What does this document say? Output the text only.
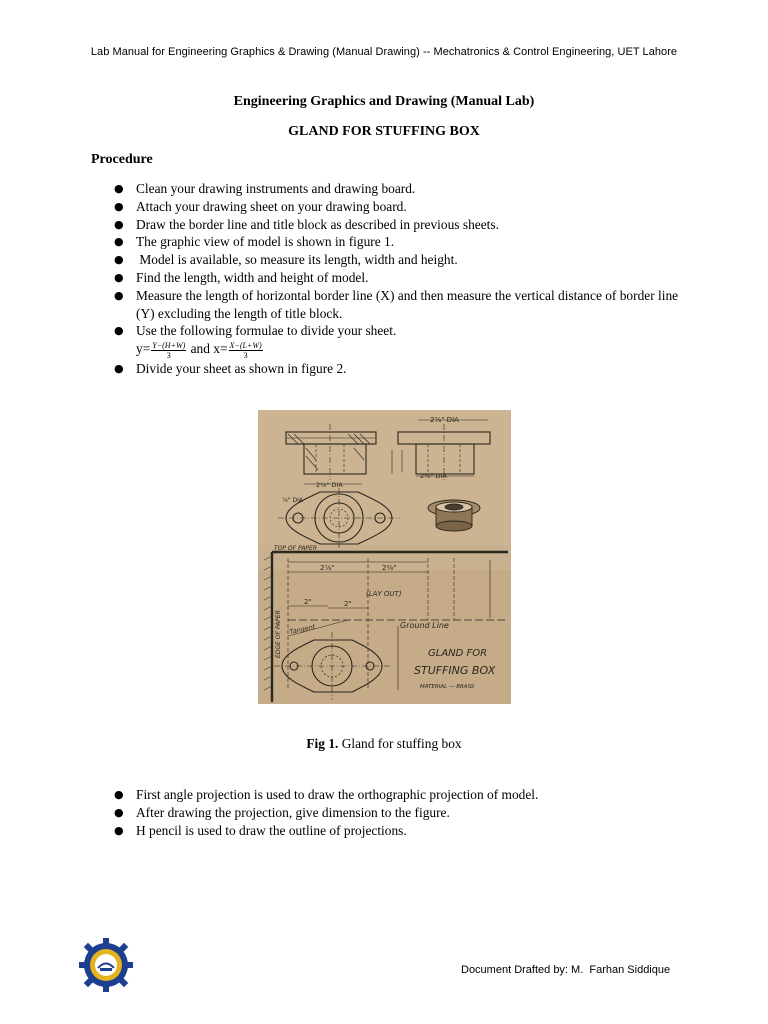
Lab Manual for Engineering Graphics & Drawing (Manual Drawing) -- Mechatronics & Control Engineering, UET Lahore
Engineering Graphics and Drawing (Manual Lab)
GLAND FOR STUFFING BOX
Procedure
● Clean your drawing instruments and drawing board.
● Attach your drawing sheet on your drawing board.
● Draw the border line and title block as described in previous sheets.
● The graphic view of model is shown in figure 1.
● Model is available, so measure its length, width and height.
● Find the length, width and height of model.
● Measure the length of horizontal border line (X) and then measure the vertical distance of border line (Y) excluding the length of title block.
● Use the following formulae to divide your sheet.
$y= \frac{Y-(H+W)}{3}$ and $x= \frac{X-(L+W)}{3}$
● Divide your sheet as shown in figure 2.
2⅞" DIA
2⅛" DIA
2⅜" DIA
⅞" DIA
TOP OF PAPER
EDGE OF PAPER
2⅞"	2⅜"
(LAY OUT)
2"	2"
Ground Line
Tangent
GLAND FOR
STUFFING BOX
MATERIAL — BRASS
Fig 1. Gland for stuffing box
● First angle projection is used to draw the orthographic projection of model.
● After drawing the projection, give dimension to the figure.
● H pencil is used to draw the outline of projections.
Document Drafted by: M.  Farhan Siddique
